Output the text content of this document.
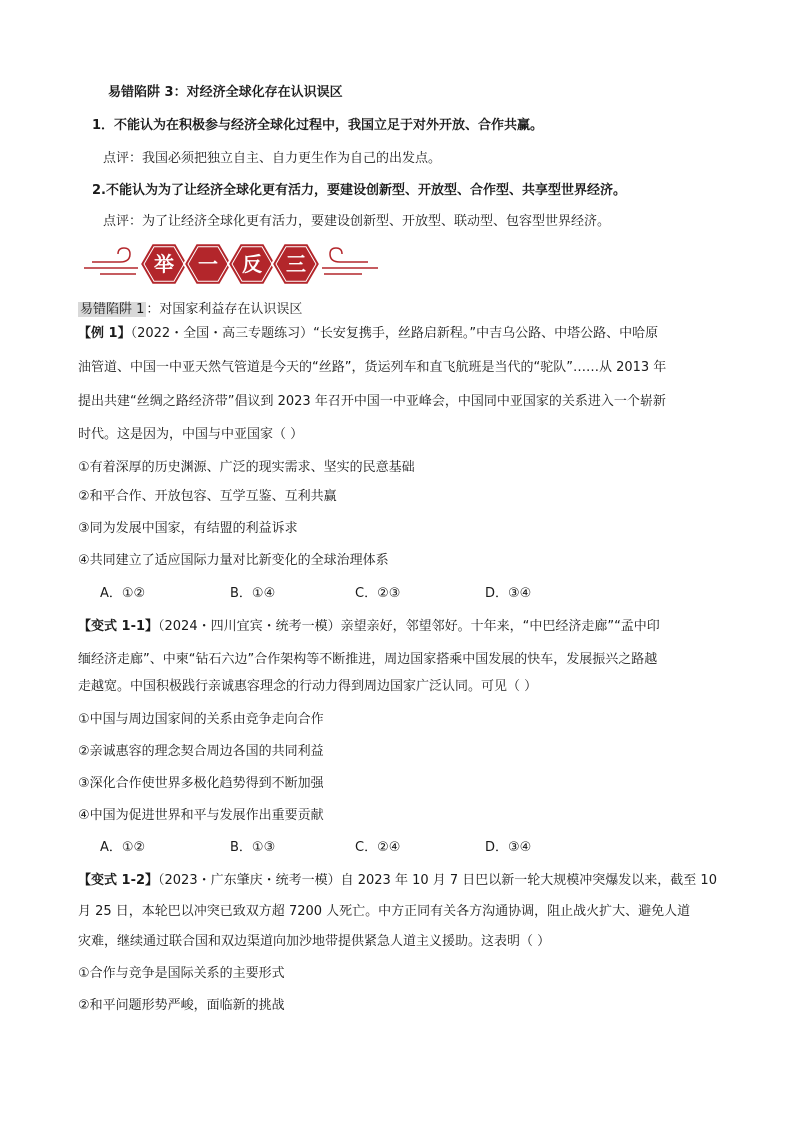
易错陷阱 3：对经济全球化存在认识误区
1．不能认为在积极参与经济全球化过程中，我国立足于对外开放、合作共赢。
点评：我国必须把独立自主、自力更生作为自己的出发点。
2.不能认为为了让经济全球化更有活力，要建设创新型、开放型、合作型、共享型世界经济。
点评：为了让经济全球化更有活力，要建设创新型、开放型、联动型、包容型世界经济。
举 一 反 三
易错陷阱 1 ：对国家利益存在认识误区
【例 1】（2022・全国・高三专题练习）“长安复携手，丝路启新程。”中吉乌公路、中塔公路、中哈原
油管道、中国一中亚天然气管道是今天的“丝路”，货运列车和直飞航班是当代的“驼队”……从 2013 年
提出共建“丝绸之路经济带”倡议到 2023 年召开中国一中亚峰会，中国同中亚国家的关系进入一个崭新
时代。这是因为，中国与中亚国家（ ）
①有着深厚的历史渊源、广泛的现实需求、坚实的民意基础
②和平合作、开放包容、互学互鉴、互利共赢
③同为发展中国家，有结盟的利益诉求
④共同建立了适应国际力量对比新变化的全球治理体系
A．①②	B．①④	C．②③	D．③④
【变式 1-1】（2024・四川宜宾・统考一模）亲望亲好，邻望邻好。十年来，“中巴经济走廊”“孟中印
缅经济走廊”、中柬“钻石六边”合作架构等不断推进，周边国家搭乘中国发展的快车，发展振兴之路越
走越宽。中国积极践行亲诚惠容理念的行动力得到周边国家广泛认同。可见（ ）
①中国与周边国家间的关系由竞争走向合作
②亲诚惠容的理念契合周边各国的共同利益
③深化合作使世界多极化趋势得到不断加强
④中国为促进世界和平与发展作出重要贡献
A．①②	B．①③	C．②④	D．③④
【变式 1-2】（2023・广东肇庆・统考一模）自 2023 年 10 月 7 日巴以新一轮大规模冲突爆发以来，截至 10
月 25 日，本轮巴以冲突已致双方超 7200 人死亡。中方正同有关各方沟通协调，阻止战火扩大、避免人道
灾难，继续通过联合国和双边渠道向加沙地带提供紧急人道主义援助。这表明（ ）
①合作与竞争是国际关系的主要形式
②和平问题形势严峻，面临新的挑战
